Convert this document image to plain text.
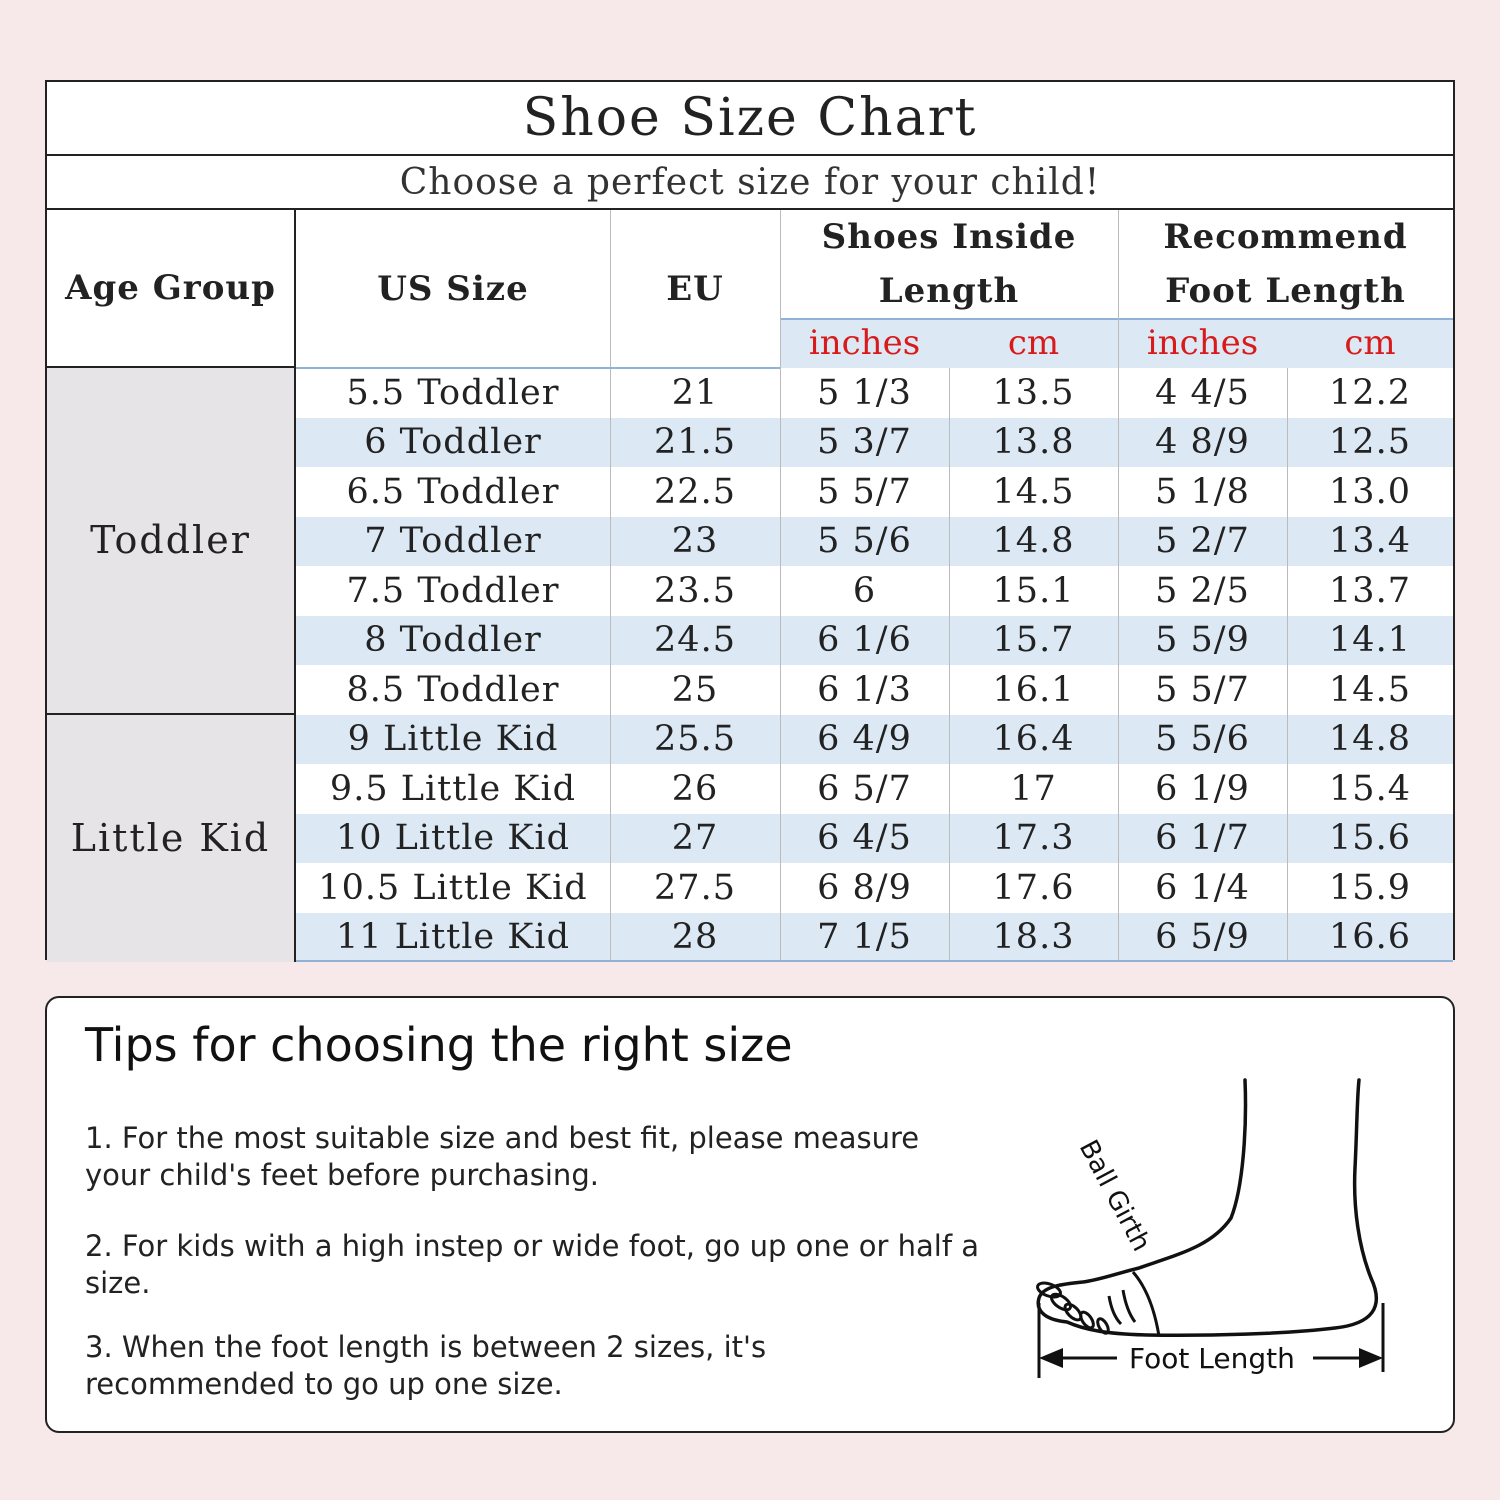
Shoe Size Chart
Choose a perfect size for your child!
Age Group	US Size	EU
Shoes Inside Length
Recommend Foot Length
inches	cm	inches	cm
Toddler
Little Kid
5.5 Toddler	21	5 1/3	13.5	4 4/5	12.2
6 Toddler	21.5	5 3/7	13.8	4 8/9	12.5
6.5 Toddler	22.5	5 5/7	14.5	5 1/8	13.0
7 Toddler	23	5 5/6	14.8	5 2/7	13.4
7.5 Toddler	23.5	6	15.1	5 2/5	13.7
8 Toddler	24.5	6 1/6	15.7	5 5/9	14.1
8.5 Toddler	25	6 1/3	16.1	5 5/7	14.5
9 Little Kid	25.5	6 4/9	16.4	5 5/6	14.8
9.5 Little Kid	26	6 5/7	17	6 1/9	15.4
10 Little Kid	27	6 4/5	17.3	6 1/7	15.6
10.5 Little Kid	27.5	6 8/9	17.6	6 1/4	15.9
11 Little Kid	28	7 1/5	18.3	6 5/9	16.6
Tips for choosing the right size
1. For the most suitable size and best fit, please measure your child's feet before purchasing.
2. For kids with a high instep or wide foot, go up one or half a size.
3. When the foot length is between 2 sizes, it's recommended to go up one size.
Ball Girth
Foot Length
